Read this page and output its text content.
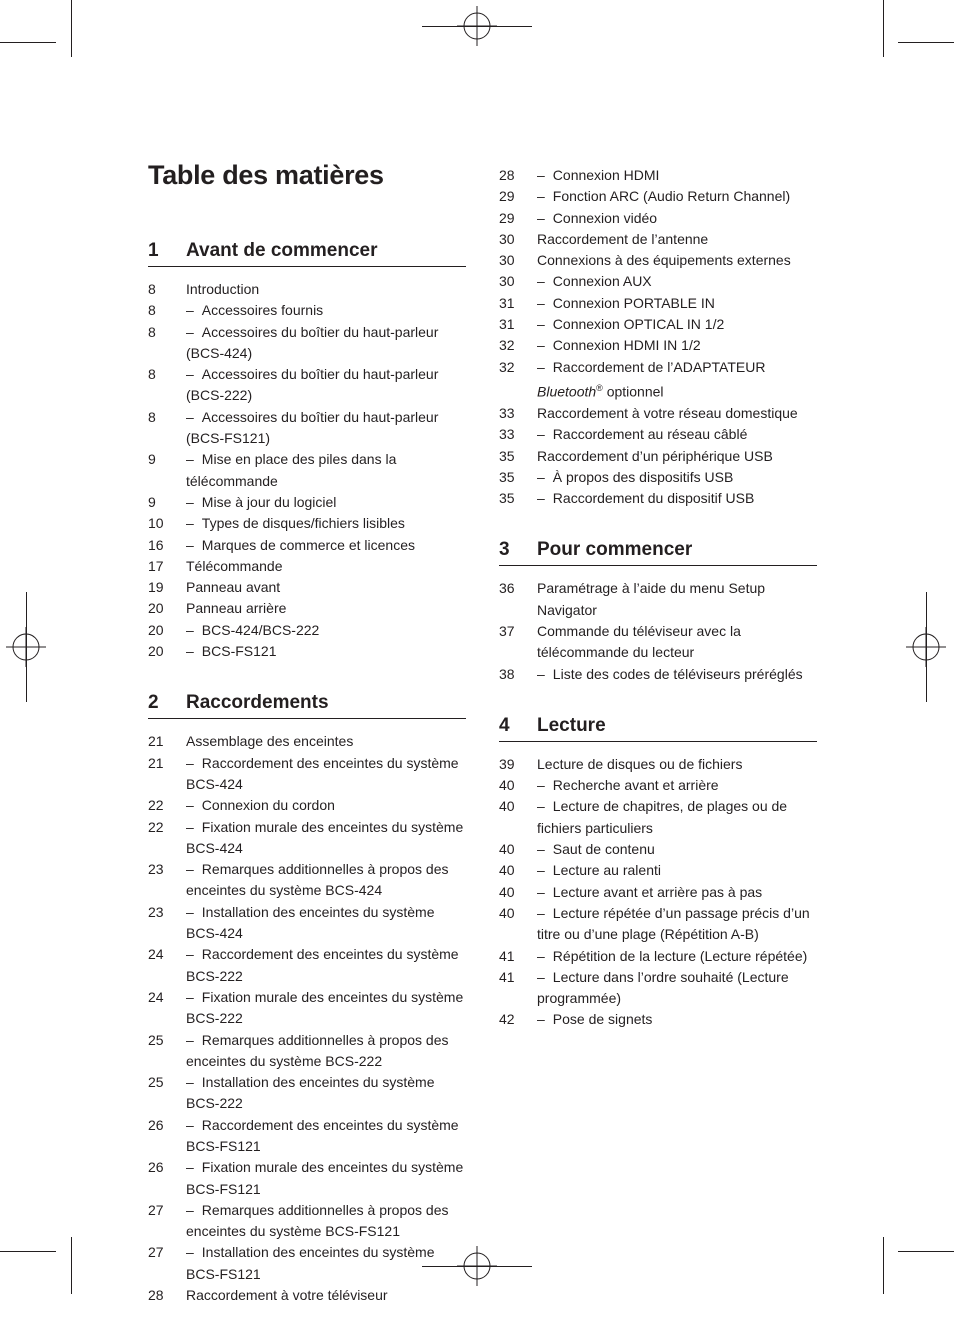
Table des matières
1	Avant de commencer
8	Introduction
8	– Accessoires fournis
8	– Accessoires du boîtier du haut-parleur (BCS-424)
8	– Accessoires du boîtier du haut-parleur (BCS-222)
8	– Accessoires du boîtier du haut-parleur (BCS-FS121)
9	– Mise en place des piles dans la télécommande
9	– Mise à jour du logiciel
10	– Types de disques/fichiers lisibles
16	– Marques de commerce et licences
17	Télécommande
19	Panneau avant
20	Panneau arrière
20	– BCS-424/BCS-222
20	– BCS-FS121
2	Raccordements
21	Assemblage des enceintes
21	– Raccordement des enceintes du système BCS-424
22	– Connexion du cordon
22	– Fixation murale des enceintes du système BCS-424
23	– Remarques additionnelles à propos des enceintes du système BCS-424
23	– Installation des enceintes du système BCS-424
24	– Raccordement des enceintes du système BCS-222
24	– Fixation murale des enceintes du système BCS-222
25	– Remarques additionnelles à propos des enceintes du système BCS-222
25	– Installation des enceintes du système BCS-222
26	– Raccordement des enceintes du système BCS-FS121
26	– Fixation murale des enceintes du système BCS-FS121
27	– Remarques additionnelles à propos des enceintes du système BCS-FS121
27	– Installation des enceintes du système BCS-FS121
28	Raccordement à votre téléviseur
28	– Connexion HDMI
29	– Fonction ARC (Audio Return Channel)
29	– Connexion vidéo
30	Raccordement de l’antenne
30	Connexions à des équipements externes
30	– Connexion AUX
31	– Connexion PORTABLE IN
31	– Connexion OPTICAL IN 1/2
32	– Connexion HDMI IN 1/2
32	– Raccordement de l’ADAPTATEUR
Bluetooth® optionnel
33	Raccordement à votre réseau domestique
33	– Raccordement au réseau câblé
35	Raccordement d’un périphérique USB
35	– À propos des dispositifs USB
35	– Raccordement du dispositif USB
3	Pour commencer
36	Paramétrage à l’aide du menu Setup Navigator
37	Commande du téléviseur avec la télécommande du lecteur
38	– Liste des codes de téléviseurs préréglés
4	Lecture
39	Lecture de disques ou de fichiers
40	– Recherche avant et arrière
40	– Lecture de chapitres, de plages ou de fichiers particuliers
40	– Saut de contenu
40	– Lecture au ralenti
40	– Lecture avant et arrière pas à pas
40	– Lecture répétée d’un passage précis d’un titre ou d’une plage (Répétition A-B)
41	– Répétition de la lecture (Lecture répétée)
41	– Lecture dans l’ordre souhaité (Lecture programmée)
42	– Pose de signets
